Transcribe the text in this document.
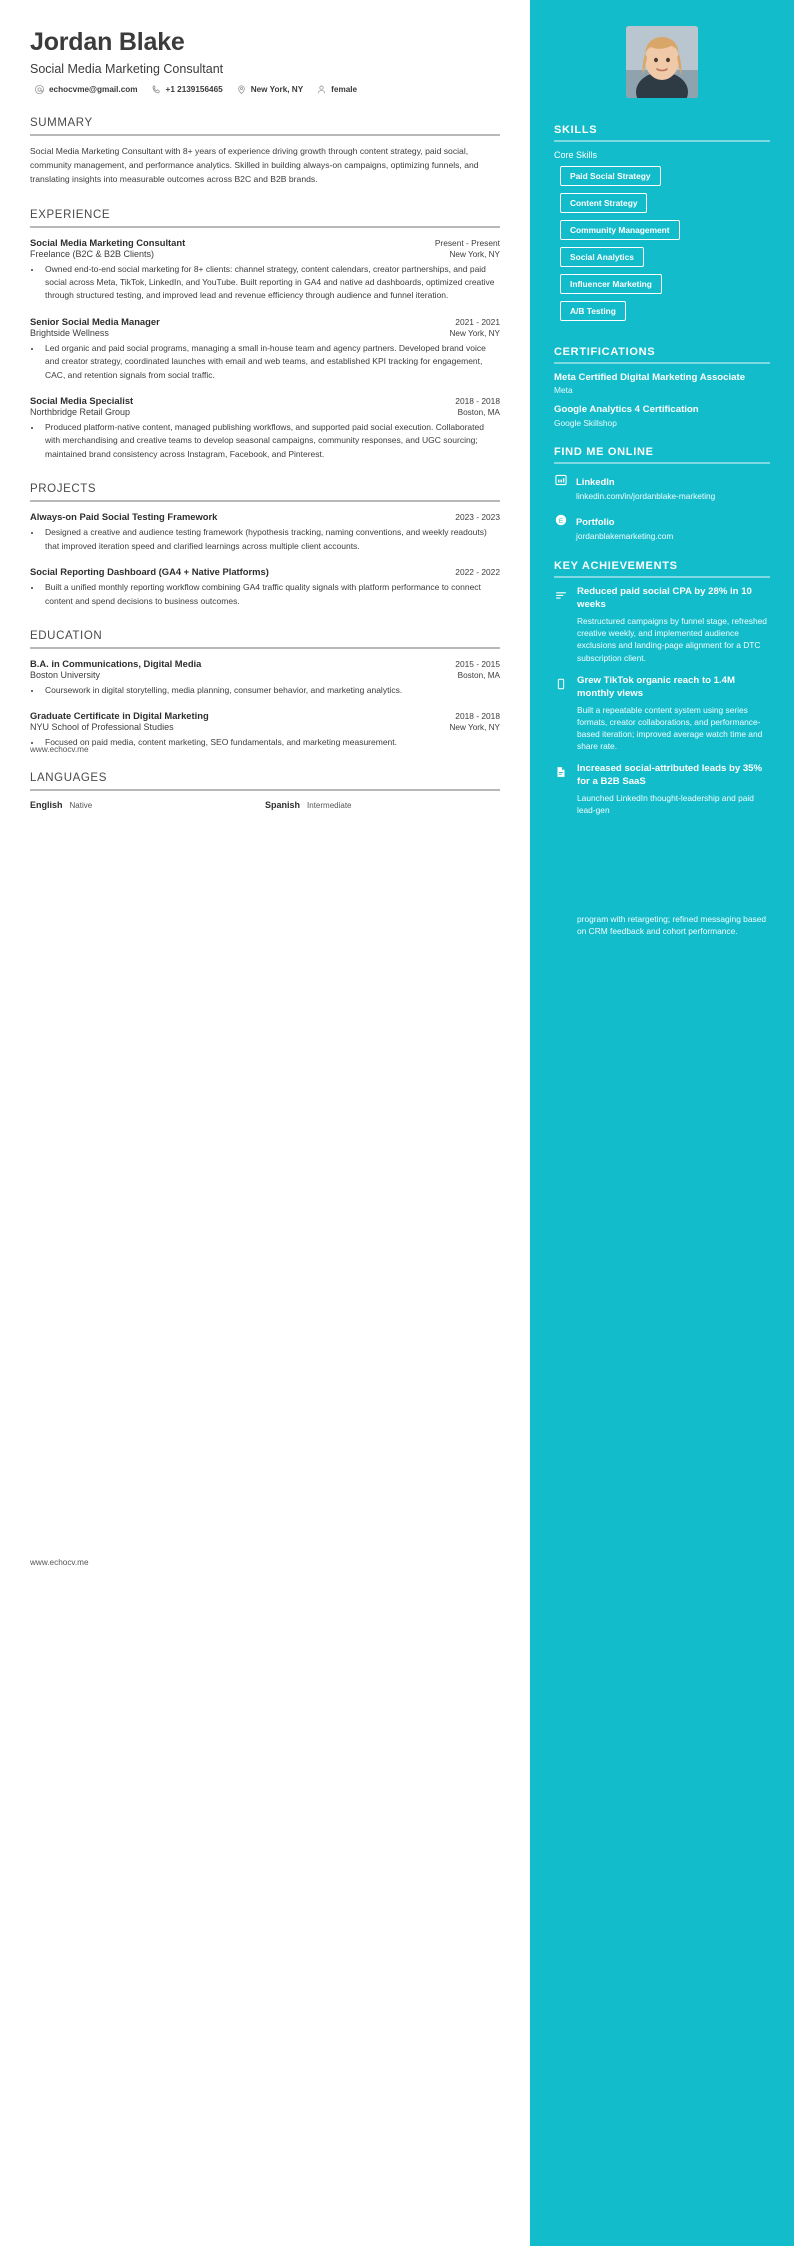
Jordan Blake
Social Media Marketing Consultant
echocvme@gmail.com	+1 2139156465	New York, NY	female
SUMMARY
Social Media Marketing Consultant with 8+ years of experience driving growth through content strategy, paid social, community management, and performance analytics. Skilled in building always-on campaigns, optimizing funnels, and translating insights into measurable outcomes across B2C and B2B brands.
EXPERIENCE
Social Media Marketing Consultant	Present - Present
Freelance (B2C & B2B Clients)	New York, NY
• Owned end-to-end social marketing for 8+ clients: channel strategy, content calendars, creator partnerships, and paid social across Meta, TikTok, LinkedIn, and YouTube. Built reporting in GA4 and native ad dashboards, optimized creative through structured testing, and improved lead and revenue efficiency through audience and funnel iteration.
Senior Social Media Manager	2021 - 2021
Brightside Wellness	New York, NY
• Led organic and paid social programs, managing a small in-house team and agency partners. Developed brand voice and creator strategy, coordinated launches with email and web teams, and established KPI tracking for engagement, CAC, and retention signals from social traffic.
Social Media Specialist	2018 - 2018
Northbridge Retail Group	Boston, MA
• Produced platform-native content, managed publishing workflows, and supported paid social execution. Collaborated with merchandising and creative teams to develop seasonal campaigns, community responses, and UGC sourcing; maintained brand consistency across Instagram, Facebook, and Pinterest.
PROJECTS
Always-on Paid Social Testing Framework	2023 - 2023
• Designed a creative and audience testing framework (hypothesis tracking, naming conventions, and weekly readouts) that improved iteration speed and clarified learnings across multiple client accounts.
Social Reporting Dashboard (GA4 + Native Platforms)	2022 - 2022
• Built a unified monthly reporting workflow combining GA4 traffic quality signals with platform performance to connect content and spend decisions to business outcomes.
EDUCATION
B.A. in Communications, Digital Media	2015 - 2015
Boston University	Boston, MA
• Coursework in digital storytelling, media planning, consumer behavior, and marketing analytics.
Graduate Certificate in Digital Marketing	2018 - 2018
NYU School of Professional Studies	New York, NY
• Focused on paid media, content marketing, SEO fundamentals, and marketing measurement.
LANGUAGES
English Native	Spanish Intermediate
www.echocv.me
www.echocv.me
SKILLS
Core Skills
Paid Social Strategy
Content Strategy
Community Management
Social Analytics
Influencer Marketing
A/B Testing
CERTIFICATIONS
Meta Certified Digital Marketing Associate
Meta
Google Analytics 4 Certification
Google Skillshop
FIND ME ONLINE
LinkedIn
linkedin.com/in/jordanblake-marketing
E Portfolio
jordanblakemarketing.com
KEY ACHIEVEMENTS
Reduced paid social CPA by 28% in 10 weeks
Restructured campaigns by funnel stage, refreshed creative weekly, and implemented audience exclusions and landing-page alignment for a DTC subscription client.
Grew TikTok organic reach to 1.4M monthly views
Built a repeatable content system using series formats, creator collaborations, and performance-based iteration; improved average watch time and share rate.
Increased social-attributed leads by 35% for a B2B SaaS
Launched LinkedIn thought-leadership and paid lead-gen
program with retargeting; refined messaging based on CRM feedback and cohort performance.
